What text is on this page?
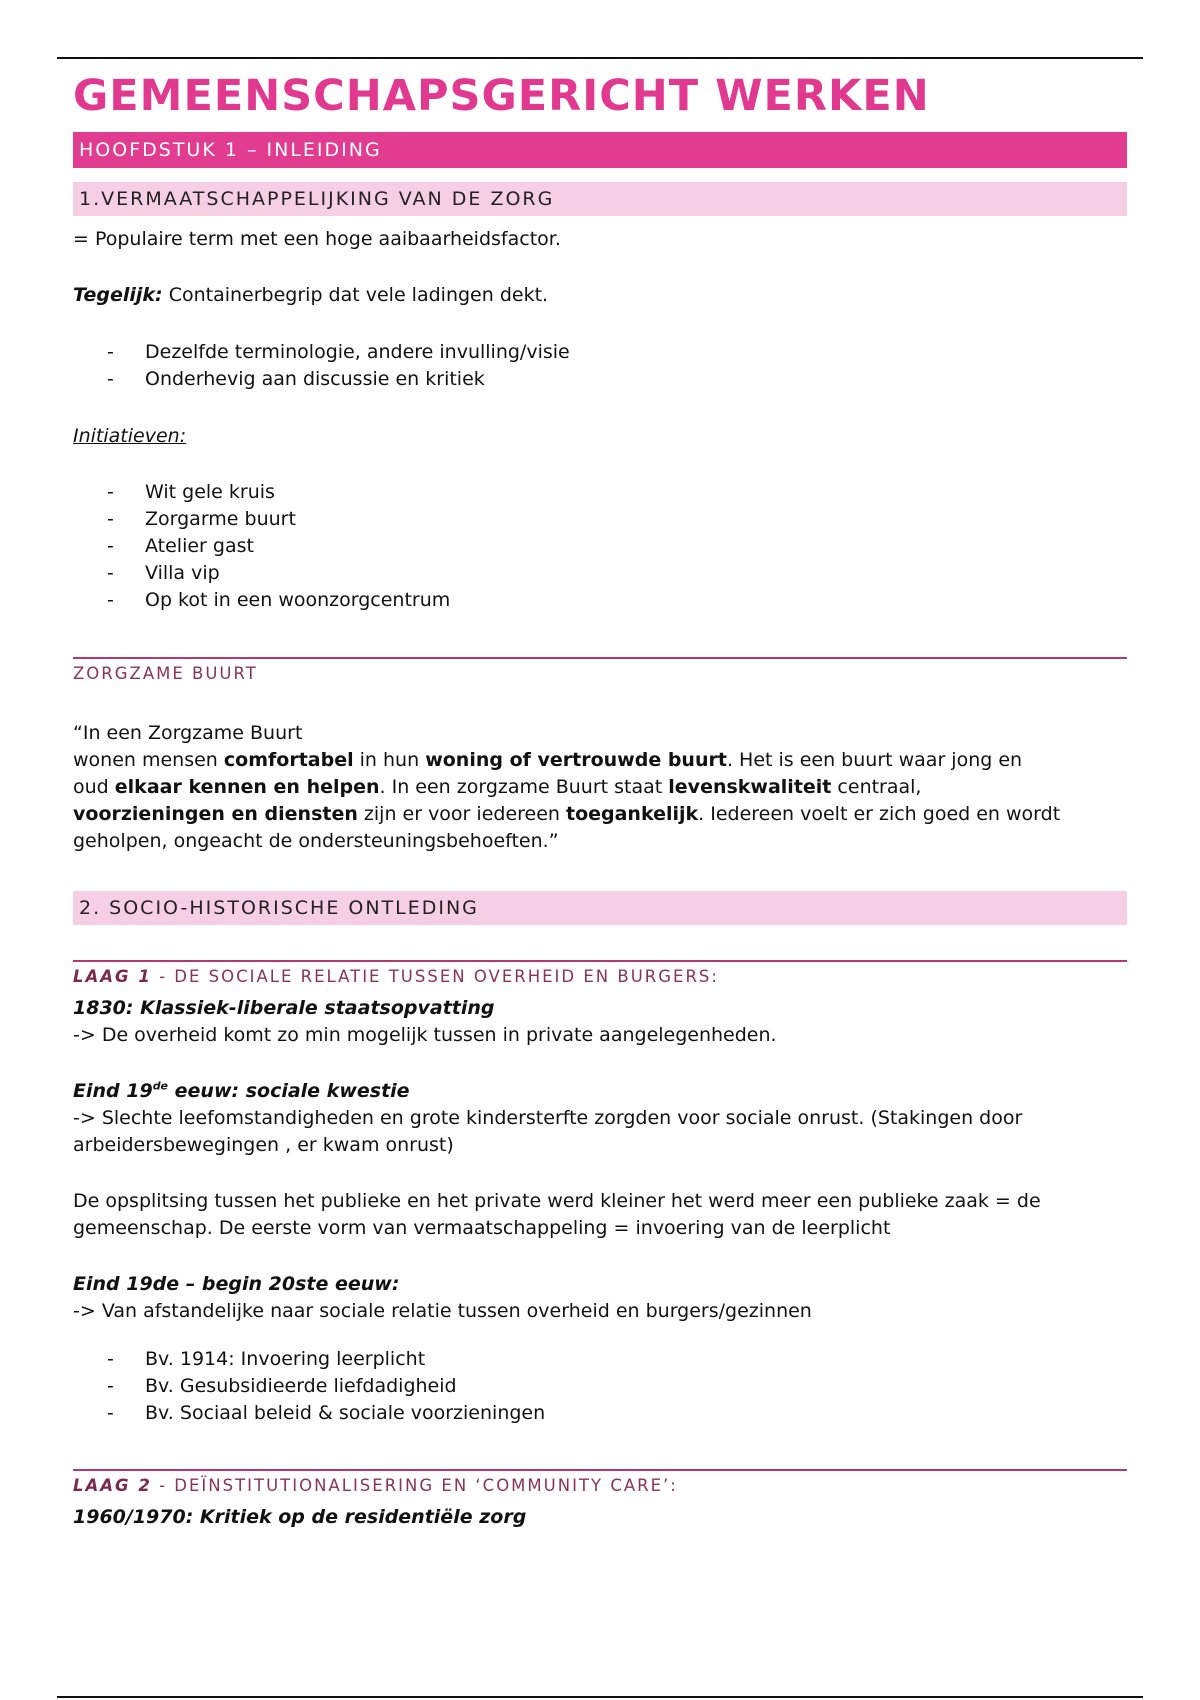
GEMEENSCHAPSGERICHT WERKEN
HOOFDSTUK 1 – INLEIDING
1.VERMAATSCHAPPELIJKING VAN DE ZORG

= Populaire term met een hoge aaibaarheidsfactor.

Tegelijk: Containerbegrip dat vele ladingen dekt.

- Dezelfde terminologie, andere invulling/visie
- Onderhevig aan discussie en kritiek

Initiatieven:

- Wit gele kruis
- Zorgarme buurt
- Atelier gast
- Villa vip
- Op kot in een woonzorgcentrum
ZORGZAME BUURT

“In een Zorgzame Buurt

wonen mensen comfortabel in hun woning of vertrouwde buurt. Het is een buurt waar jong en

oud elkaar kennen en helpen. In een zorgzame Buurt staat levenskwaliteit centraal,

voorzieningen en diensten zijn er voor iedereen toegankelijk. Iedereen voelt er zich goed en wordt

geholpen, ongeacht de ondersteuningsbehoeften.”

2. SOCIO-HISTORISCHE ONTLEDING
LAAG 1 - DE SOCIALE RELATIE TUSSEN OVERHEID EN BURGERS:

1830: Klassiek-liberale staatsopvatting

-> De overheid komt zo min mogelijk tussen in private aangelegenheden.

Eind 19de eeuw: sociale kwestie

-> Slechte leefomstandigheden en grote kindersterfte zorgden voor sociale onrust. (Stakingen door

arbeidersbewegingen , er kwam onrust)

De opsplitsing tussen het publieke en het private werd kleiner het werd meer een publieke zaak = de

gemeenschap. De eerste vorm van vermaatschappeling = invoering van de leerplicht

Eind 19de – begin 20ste eeuw:

-> Van afstandelijke naar sociale relatie tussen overheid en burgers/gezinnen

- Bv. 1914: Invoering leerplicht
- Bv. Gesubsidieerde liefdadigheid
- Bv. Sociaal beleid & sociale voorzieningen
LAAG 2 - DEÏNSTITUTIONALISERING EN ‘COMMUNITY CARE’:

1960/1970: Kritiek op de residentiële zorg
